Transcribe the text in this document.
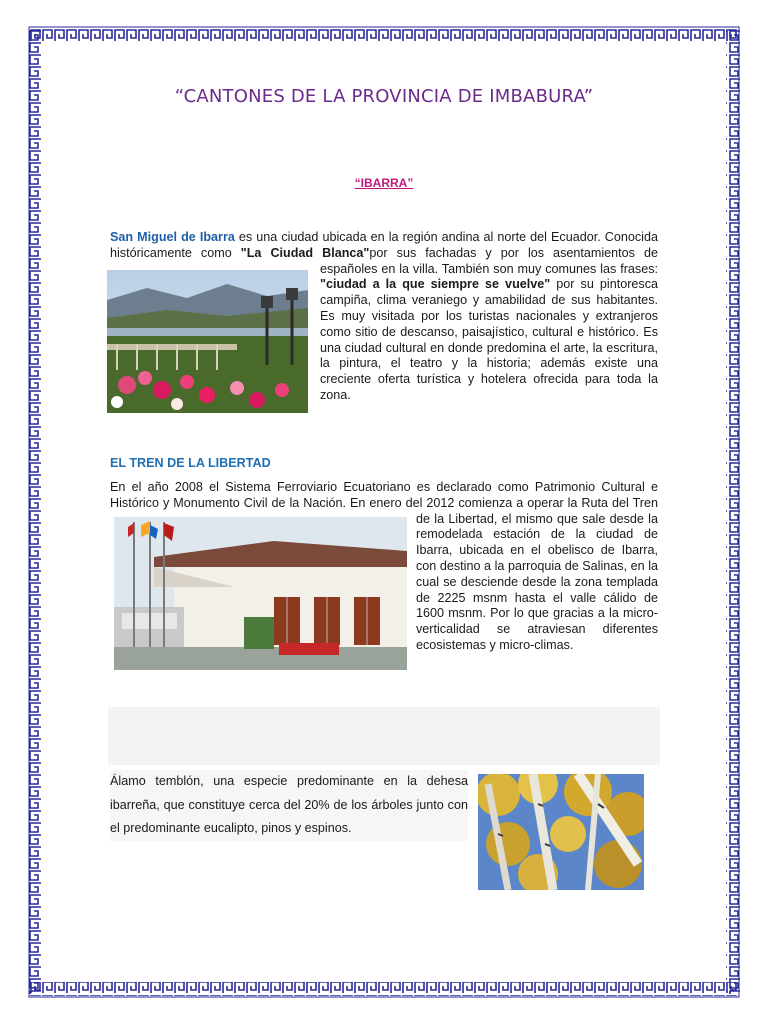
“CANTONES DE LA PROVINCIA DE IMBABURA”
“IBARRA”

San Miguel de Ibarra es una ciudad ubicada en la región andina al norte del Ecuador. Conocida históricamente como "La Ciudad Blanca"por sus fachadas y por los asentamientos de españoles en la villa. También son muy comunes las frases: "ciudad a la que siempre se vuelve" por su pintoresca campiña, clima veraniego y amabilidad de sus habitantes. Es muy visitada por los turistas nacionales y extranjeros como sitio de descanso, paisajístico, cultural e histórico. Es una ciudad cultural en donde predomina el arte, la escritura, la pintura, el teatro y la historia; además existe una creciente oferta turística y hotelera ofrecida para toda la zona.

EL TREN DE LA LIBERTAD

En el año 2008 el Sistema Ferroviario Ecuatoriano es declarado como Patrimonio Cultural e Histórico y Monumento Civil de la Nación. En enero del 2012 comienza a operar la Ruta del Tren de la Libertad, el mismo que sale desde la remodelada estación de la ciudad de Ibarra, ubicada en el obelisco de Ibarra, con destino a la parroquia de Salinas, en la cual se desciende desde la zona templada de 2225 msnm hasta el valle cálido de 1600 msnm. Por lo que gracias a la micro-verticalidad se atraviesan diferentes ecosistemas y micro-climas.

Álamo temblón, una especie predominante en la dehesa ibarreña, que constituye cerca del 20% de los árboles junto con el predominante eucalipto, pinos y espinos.
